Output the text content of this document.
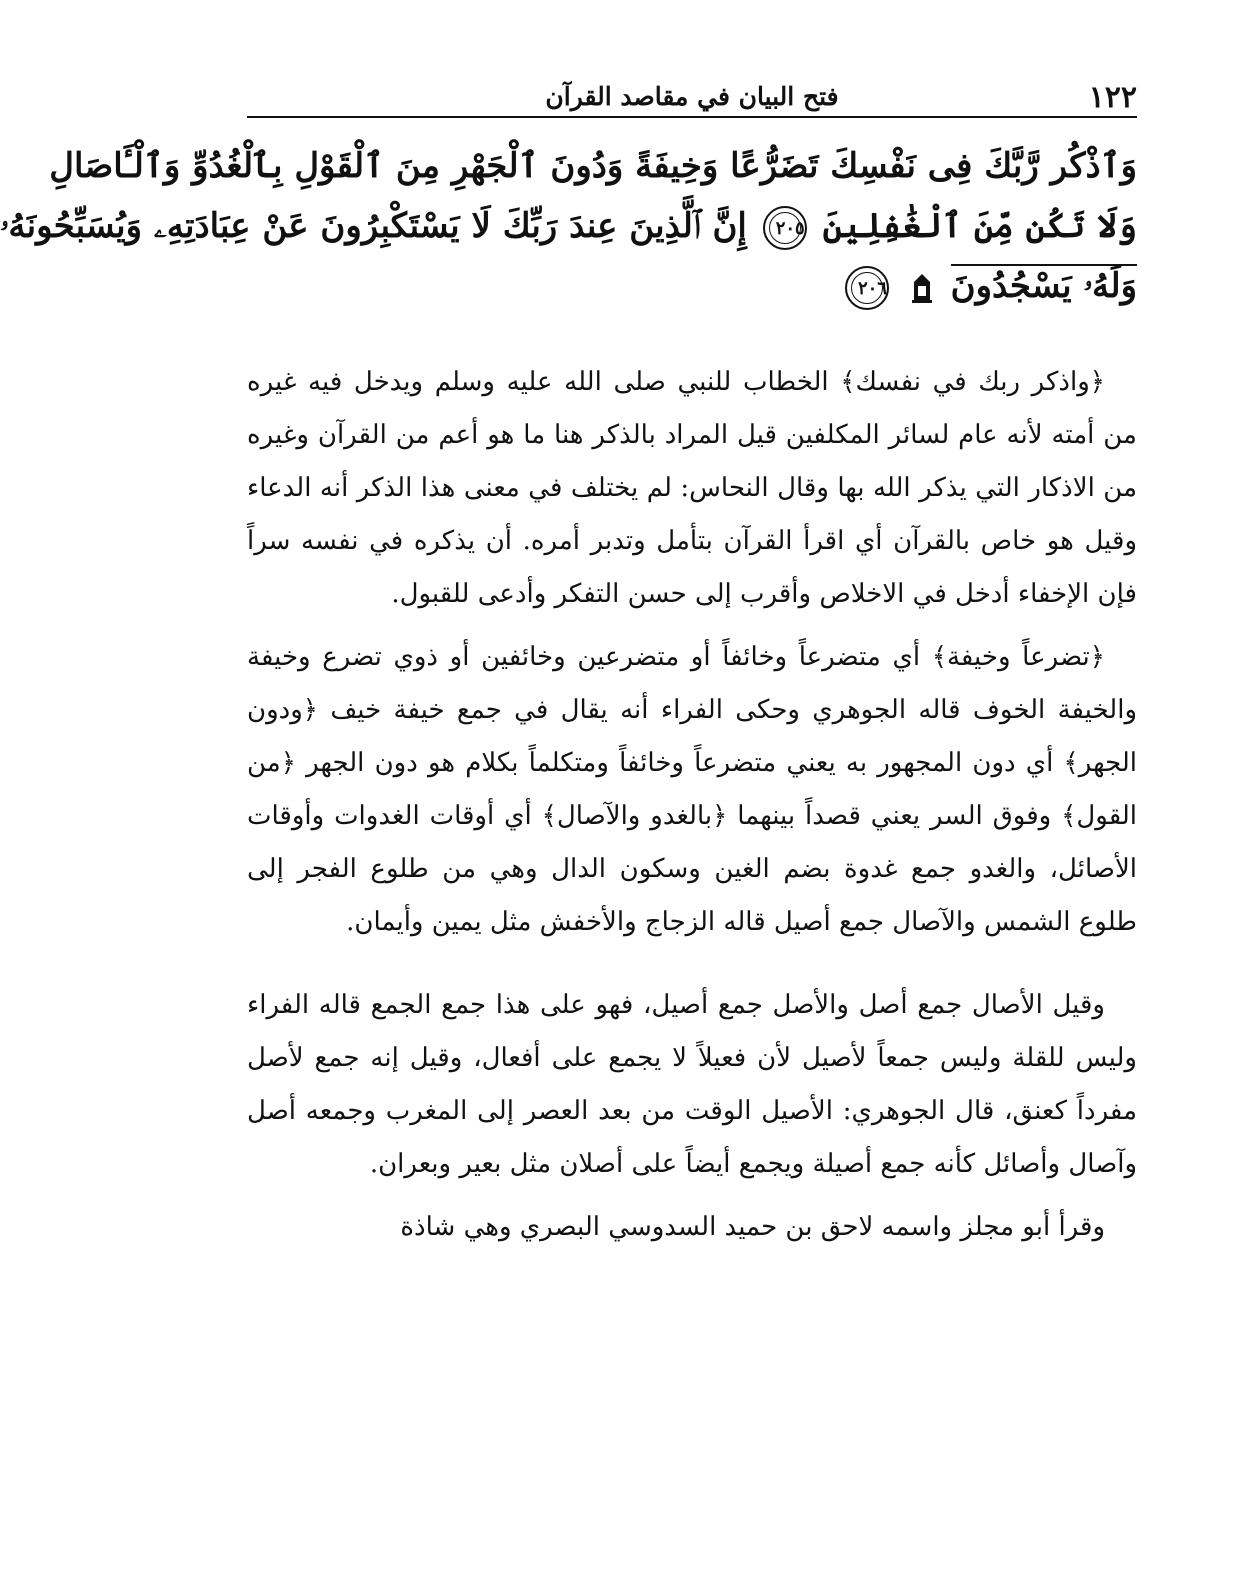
١٢٢
فتح البيان في مقاصد القرآن
وَٱذْكُر رَّبَّكَ فِى نَفْسِكَ تَضَرُّعًا وَخِيفَةً وَدُونَ ٱلْجَهْرِ مِنَ ٱلْقَوْلِ بِٱلْغُدُوِّ وَٱلْـَٔاصَالِ
وَلَا تَكُن مِّنَ ٱلْغَٰفِلِينَ ٢٠٥ إِنَّ ٱلَّذِينَ عِندَ رَبِّكَ لَا يَسْتَكْبِرُونَ عَنْ عِبَادَتِهِۦ وَيُسَبِّحُونَهُۥ
وَلَهُۥ يَسْجُدُونَ  ٢٠٦

﴿واذكر ربك في نفسك﴾ الخطاب للنبي صلى الله عليه وسلم ويدخل فيه غيره من أمته لأنه عام لسائر المكلفين قيل المراد بالذكر هنا ما هو أعم من القرآن وغيره من الاذكار التي يذكر الله بها وقال النحاس: لم يختلف في معنى هذا الذكر أنه الدعاء وقيل هو خاص بالقرآن أي اقرأ القرآن بتأمل وتدبر أمره. أن يذكره في نفسه سراً فإن الإخفاء أدخل في الاخلاص وأقرب إلى حسن التفكر وأدعى للقبول.

﴿تضرعاً وخيفة﴾ أي متضرعاً وخائفاً أو متضرعين وخائفين أو ذوي تضرع وخيفة والخيفة الخوف قاله الجوهري وحكى الفراء أنه يقال في جمع خيفة خيف ﴿ودون الجهر﴾ أي دون المجهور به يعني متضرعاً وخائفاً ومتكلماً بكلام هو دون الجهر ﴿من القول﴾ وفوق السر يعني قصداً بينهما ﴿بالغدو والآصال﴾ أي أوقات الغدوات وأوقات الأصائل، والغدو جمع غدوة بضم الغين وسكون الدال وهي من طلوع الفجر إلى طلوع الشمس والآصال جمع أصيل قاله الزجاج والأخفش مثل يمين وأيمان.

وقيل الأصال جمع أصل والأصل جمع أصيل، فهو على هذا جمع الجمع قاله الفراء وليس للقلة وليس جمعاً لأصيل لأن فعيلاً لا يجمع على أفعال، وقيل إنه جمع لأصل مفرداً كعنق، قال الجوهري: الأصيل الوقت من بعد العصر إلى المغرب وجمعه أصل وآصال وأصائل كأنه جمع أصيلة ويجمع أيضاً على أصلان مثل بعير وبعران.

وقرأ أبو مجلز واسمه لاحق بن حميد السدوسي البصري وهي شاذة
